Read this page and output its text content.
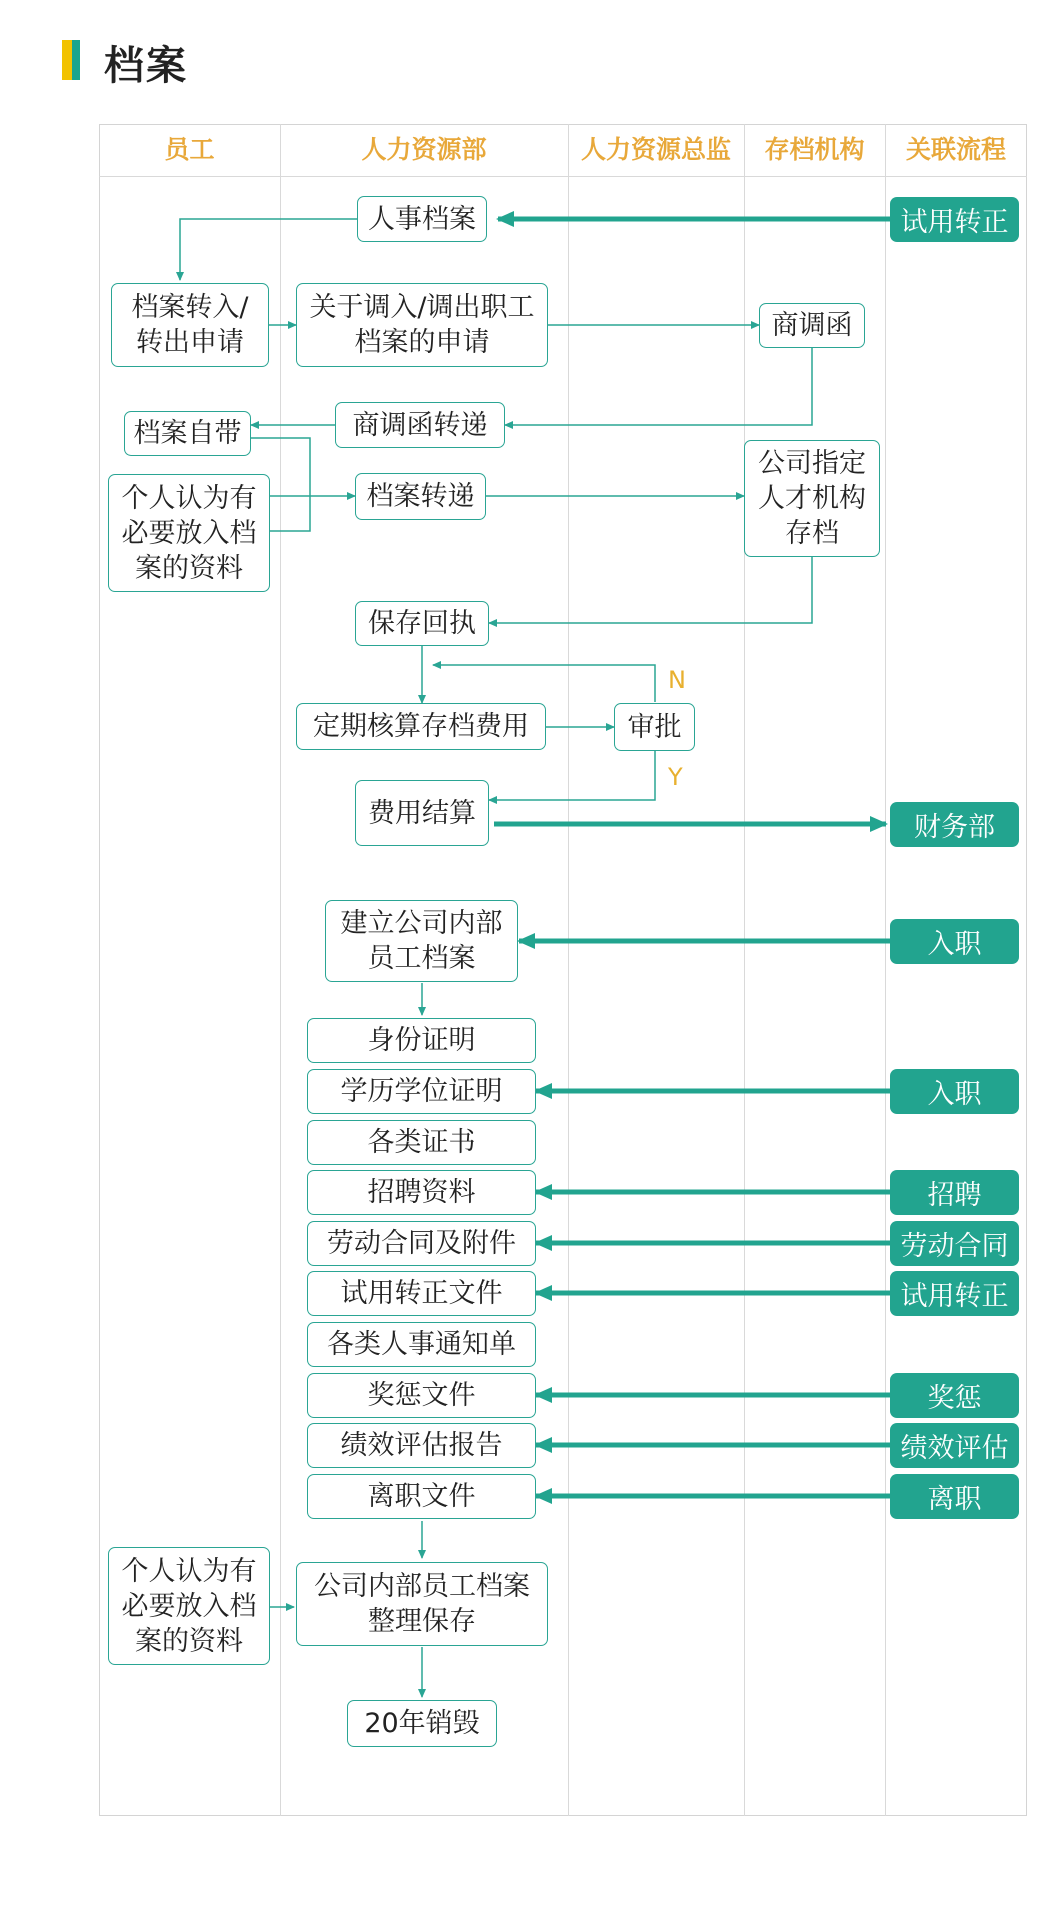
档案
员工	人力资源部	人力资源总监	存档机构	关联流程
人事档案
档案转入/
转出申请
关于调入/调出职工
档案的申请
商调函
商调函转递
档案自带
个人认为有
必要放入档
案的资料
档案转递
公司指定
人才机构
存档
保存回执
定期核算存档费用	审批
费用结算
建立公司内部
员工档案
身份证明
学历学位证明
各类证书
招聘资料
劳动合同及附件
试用转正文件
各类人事通知单
奖惩文件
绩效评估报告
离职文件
个人认为有
必要放入档
案的资料
公司内部员工档案
整理保存
20年销毁
试用转正
财务部
入职
入职
招聘
劳动合同
试用转正
奖惩
绩效评估
离职
N
Y
